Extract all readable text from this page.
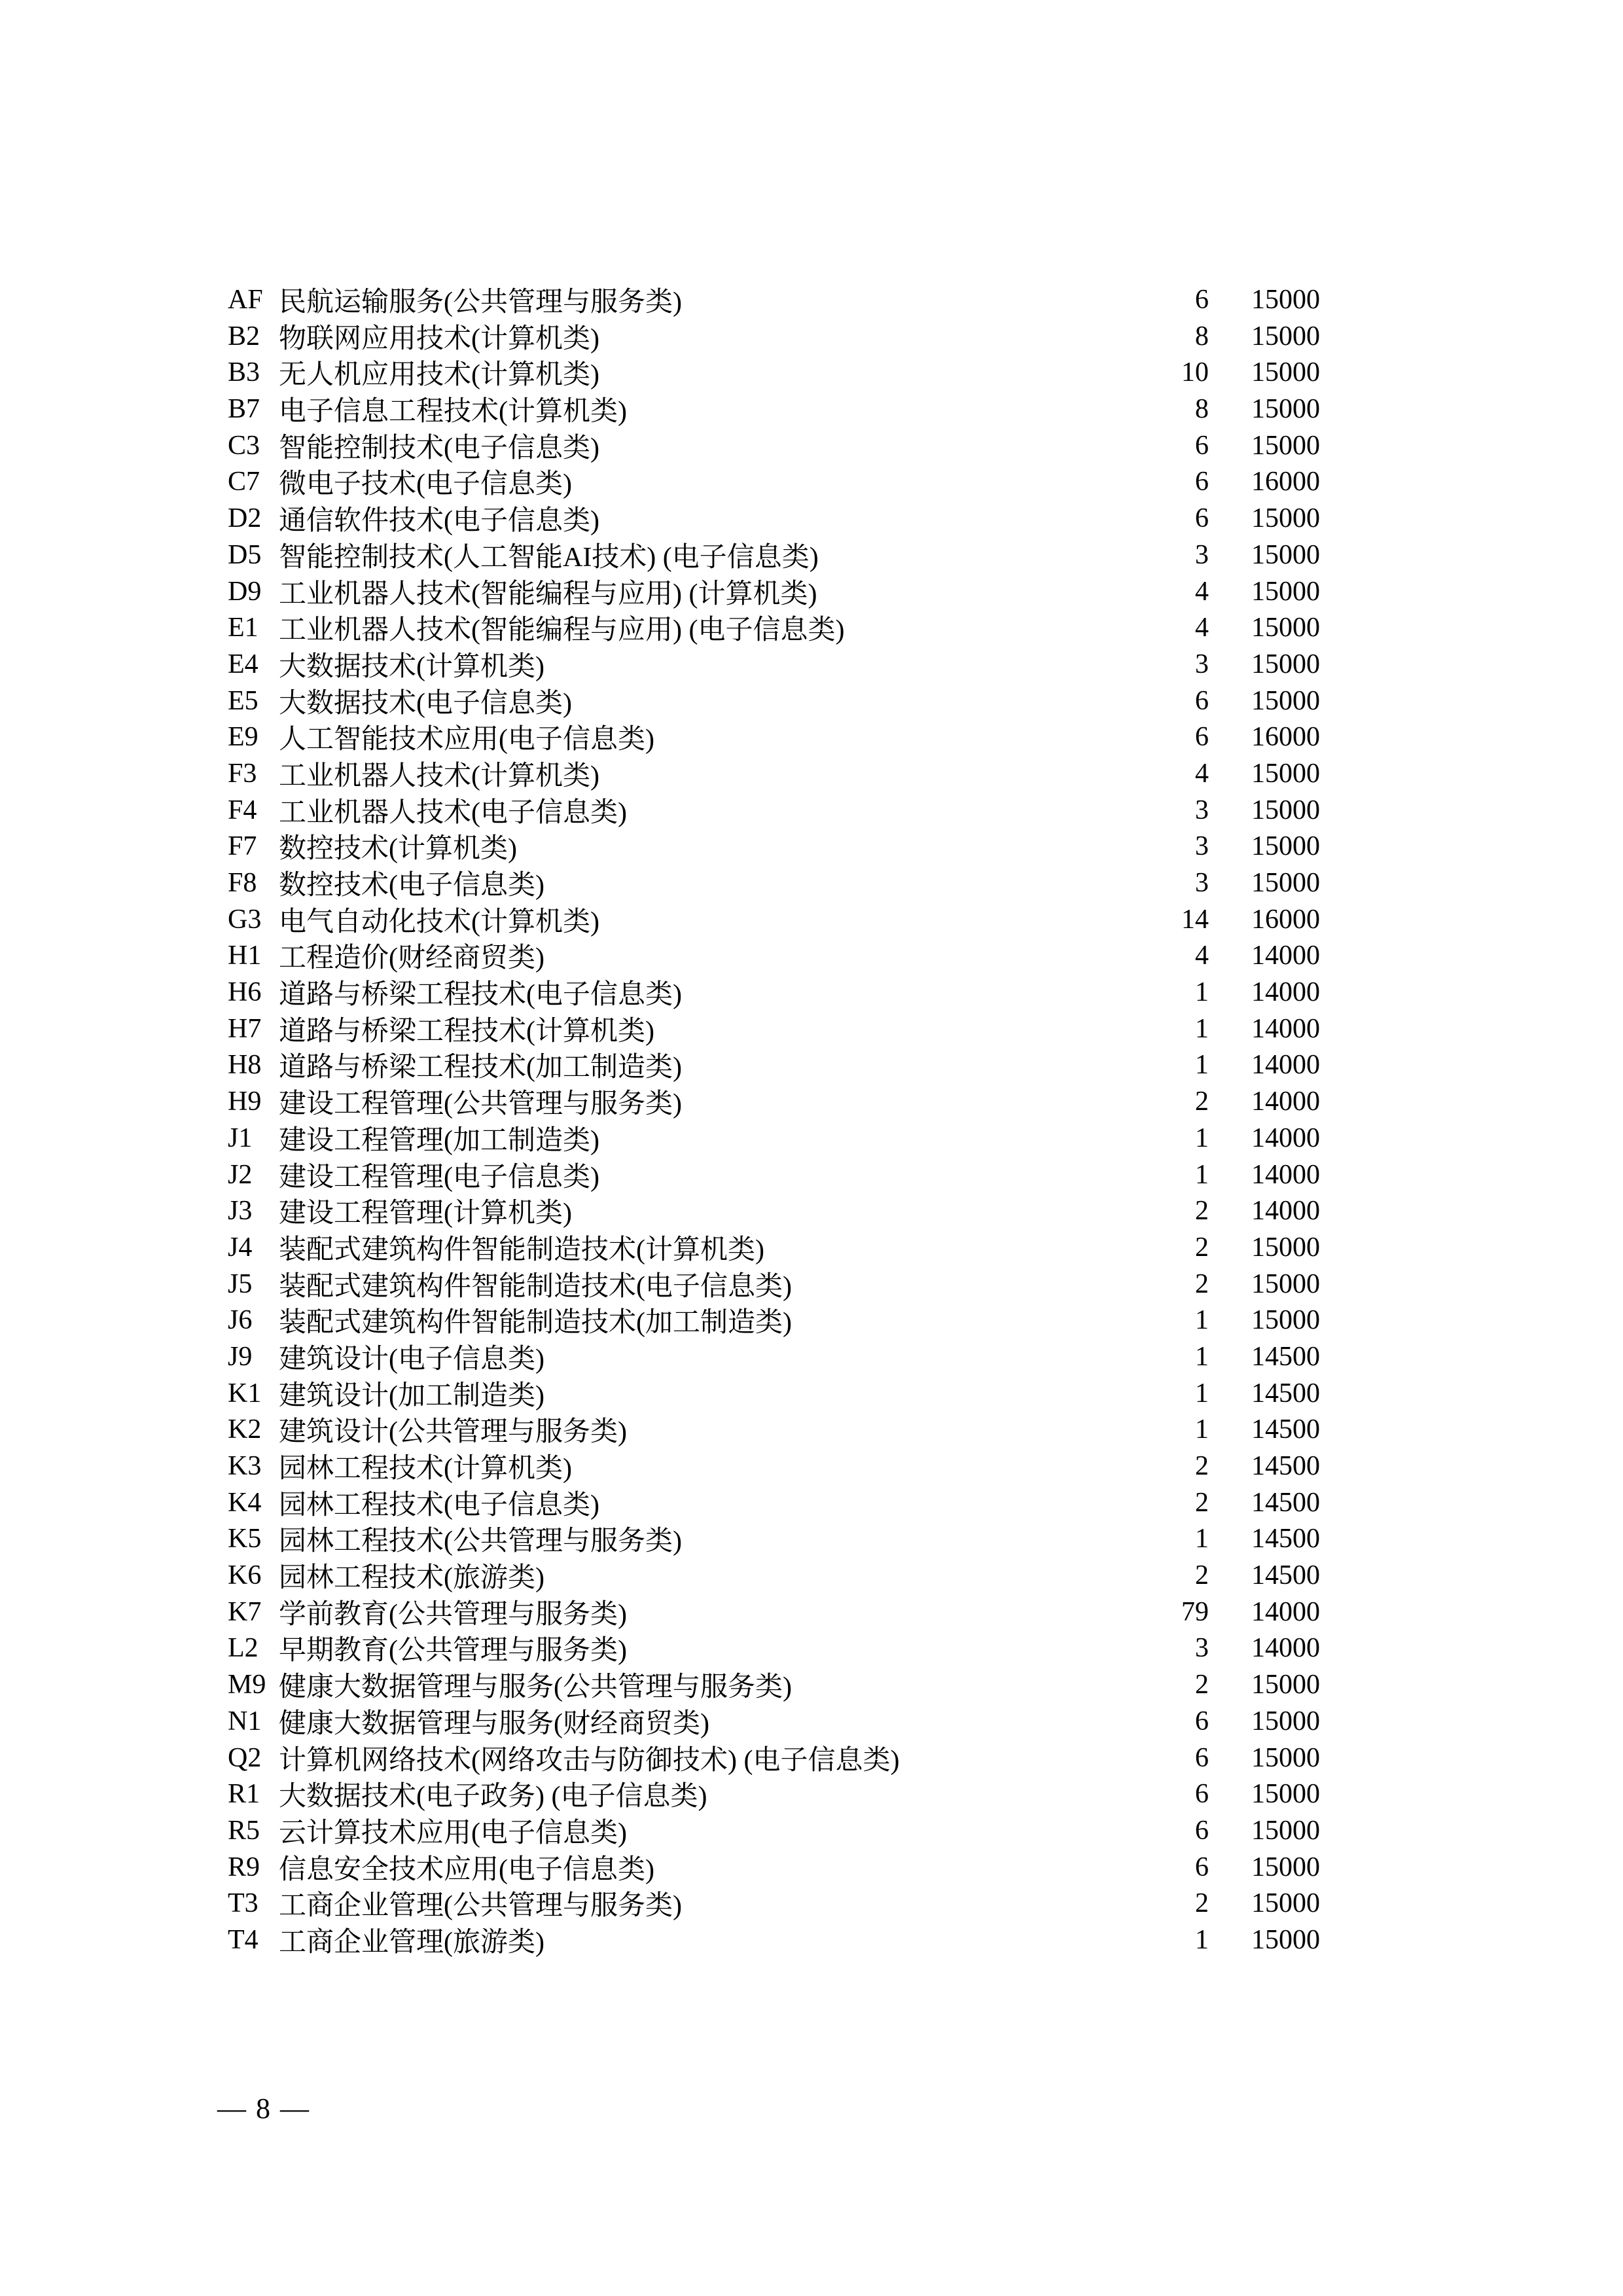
AF 民航运输服务(公共管理与服务类)	6	15000
B2 物联网应用技术(计算机类)	8	15000
B3 无人机应用技术(计算机类)	10	15000
B7 电子信息工程技术(计算机类)	8	15000
C3 智能控制技术(电子信息类)	6	15000
C7 微电子技术(电子信息类)	6	16000
D2 通信软件技术(电子信息类)	6	15000
D5 智能控制技术(人工智能AI技术) (电子信息类)	3	15000
D9 工业机器人技术(智能编程与应用) (计算机类)	4	15000
E1 工业机器人技术(智能编程与应用) (电子信息类)	4	15000
E4 大数据技术(计算机类)	3	15000
E5 大数据技术(电子信息类)	6	15000
E9 人工智能技术应用(电子信息类)	6	16000
F3 工业机器人技术(计算机类)	4	15000
F4 工业机器人技术(电子信息类)	3	15000
F7 数控技术(计算机类)	3	15000
F8 数控技术(电子信息类)	3	15000
G3 电气自动化技术(计算机类)	14	16000
H1 工程造价(财经商贸类)	4	14000
H6 道路与桥梁工程技术(电子信息类)	1	14000
H7 道路与桥梁工程技术(计算机类)	1	14000
H8 道路与桥梁工程技术(加工制造类)	1	14000
H9 建设工程管理(公共管理与服务类)	2	14000
J1 建设工程管理(加工制造类)	1	14000
J2 建设工程管理(电子信息类)	1	14000
J3 建设工程管理(计算机类)	2	14000
J4 装配式建筑构件智能制造技术(计算机类)	2	15000
J5 装配式建筑构件智能制造技术(电子信息类)	2	15000
J6 装配式建筑构件智能制造技术(加工制造类)	1	15000
J9 建筑设计(电子信息类)	1	14500
K1 建筑设计(加工制造类)	1	14500
K2 建筑设计(公共管理与服务类)	1	14500
K3 园林工程技术(计算机类)	2	14500
K4 园林工程技术(电子信息类)	2	14500
K5 园林工程技术(公共管理与服务类)	1	14500
K6 园林工程技术(旅游类)	2	14500
K7 学前教育(公共管理与服务类)	79	14000
L2 早期教育(公共管理与服务类)	3	14000
M9 健康大数据管理与服务(公共管理与服务类)	2	15000
N1 健康大数据管理与服务(财经商贸类)	6	15000
Q2 计算机网络技术(网络攻击与防御技术) (电子信息类)	6	15000
R1 大数据技术(电子政务) (电子信息类)	6	15000
R5 云计算技术应用(电子信息类)	6	15000
R9 信息安全技术应用(电子信息类)	6	15000
T3 工商企业管理(公共管理与服务类)	2	15000
T4 工商企业管理(旅游类)	1	15000
— 8 —
